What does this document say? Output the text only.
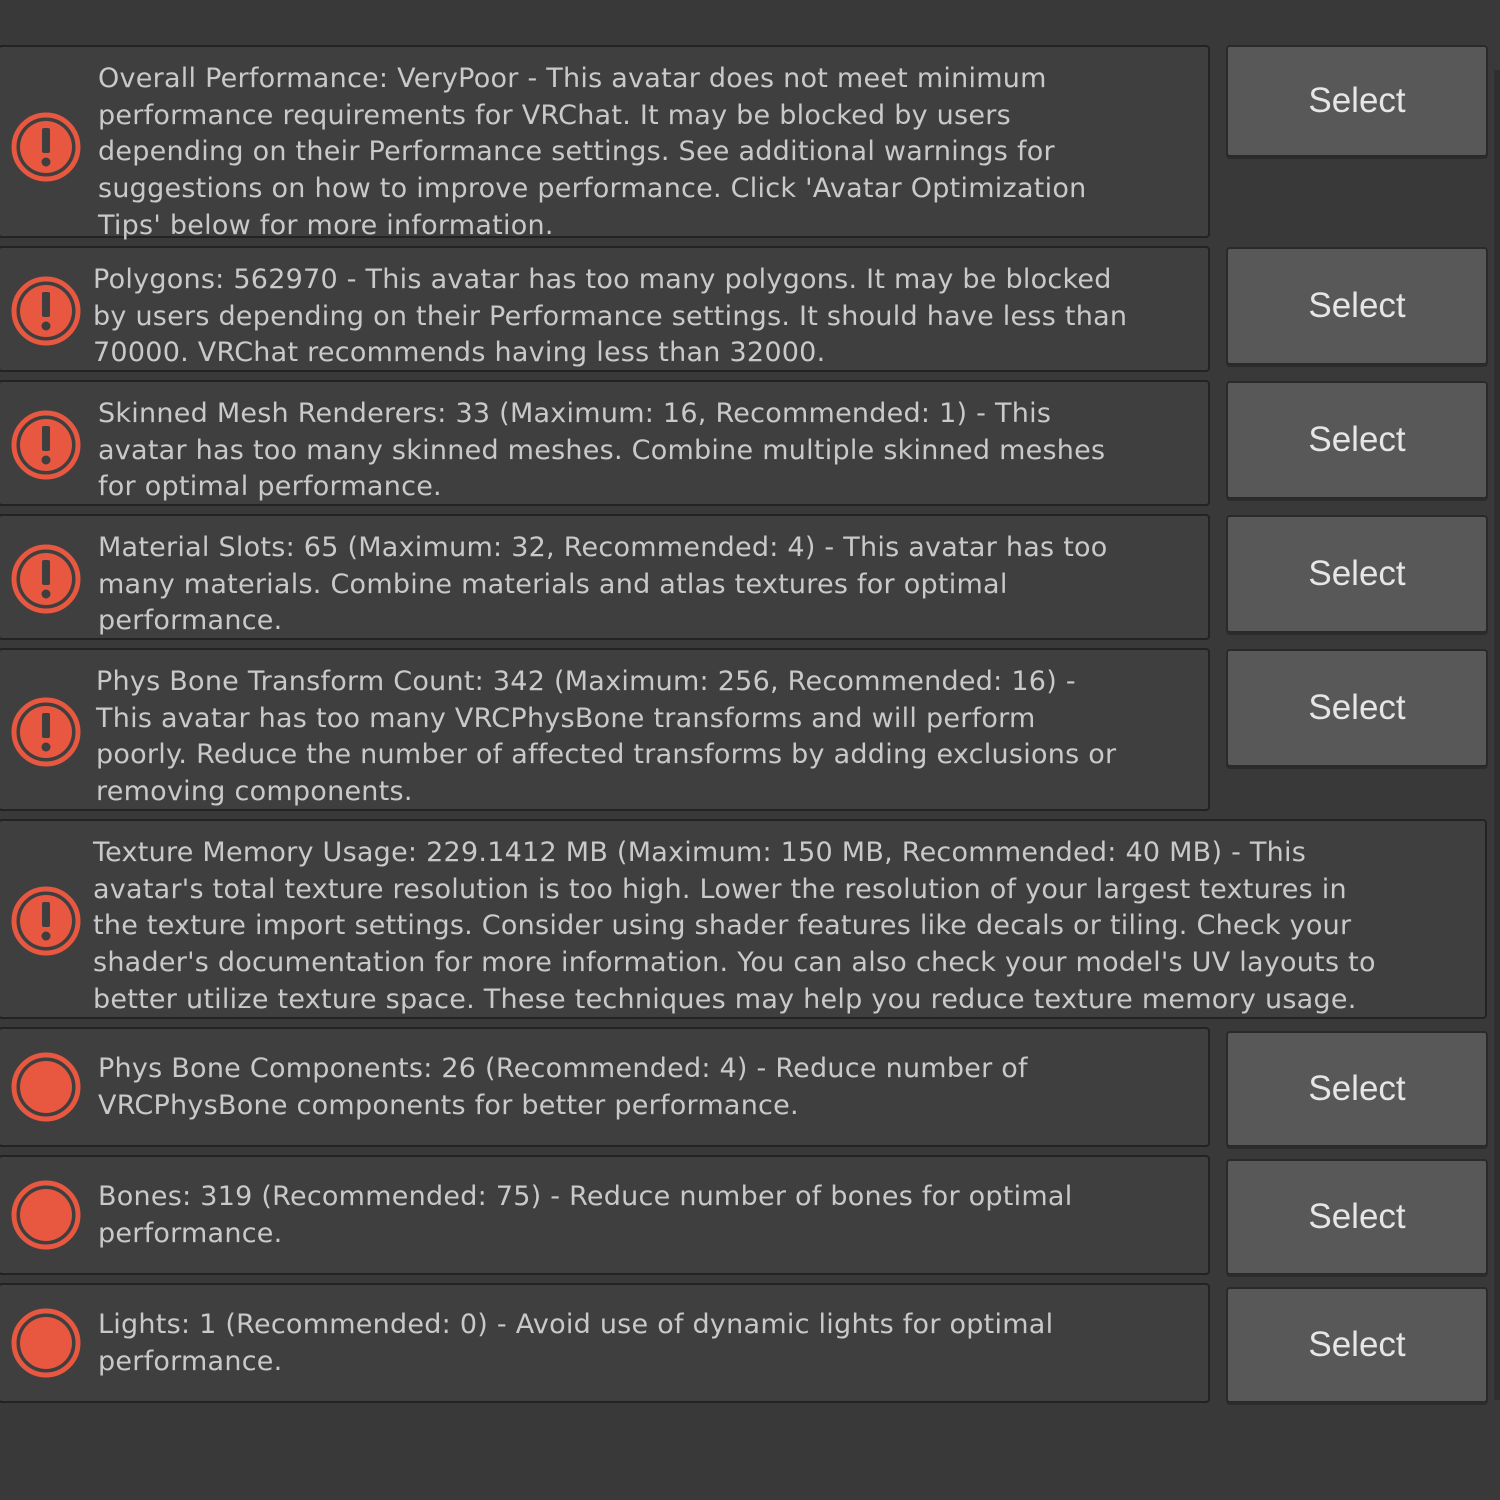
Overall Performance: VeryPoor - This avatar does not meet minimum
performance requirements for VRChat. It may be blocked by users
depending on their Performance settings. See additional warnings for
suggestions on how to improve performance. Click 'Avatar Optimization
Tips' below for more information.
Select
Polygons: 562970 - This avatar has too many polygons. It may be blocked
by users depending on their Performance settings. It should have less than
70000. VRChat recommends having less than 32000.
Select
Skinned Mesh Renderers: 33 (Maximum: 16, Recommended: 1) - This
avatar has too many skinned meshes. Combine multiple skinned meshes
for optimal performance.
Select
Material Slots: 65 (Maximum: 32, Recommended: 4) - This avatar has too
many materials. Combine materials and atlas textures for optimal
performance.
Select
Phys Bone Transform Count: 342 (Maximum: 256, Recommended: 16) -
This avatar has too many VRCPhysBone transforms and will perform
poorly. Reduce the number of affected transforms by adding exclusions or
removing components.
Select
Texture Memory Usage: 229.1412 MB (Maximum: 150 MB, Recommended: 40 MB) - This
avatar's total texture resolution is too high. Lower the resolution of your largest textures in
the texture import settings. Consider using shader features like decals or tiling. Check your
shader's documentation for more information. You can also check your model's UV layouts to
better utilize texture space. These techniques may help you reduce texture memory usage.
Phys Bone Components: 26 (Recommended: 4) - Reduce number of
VRCPhysBone components for better performance.	Select
Bones: 319 (Recommended: 75) - Reduce number of bones for optimal
performance.	Select
Lights: 1 (Recommended: 0) - Avoid use of dynamic lights for optimal
performance.	Select
